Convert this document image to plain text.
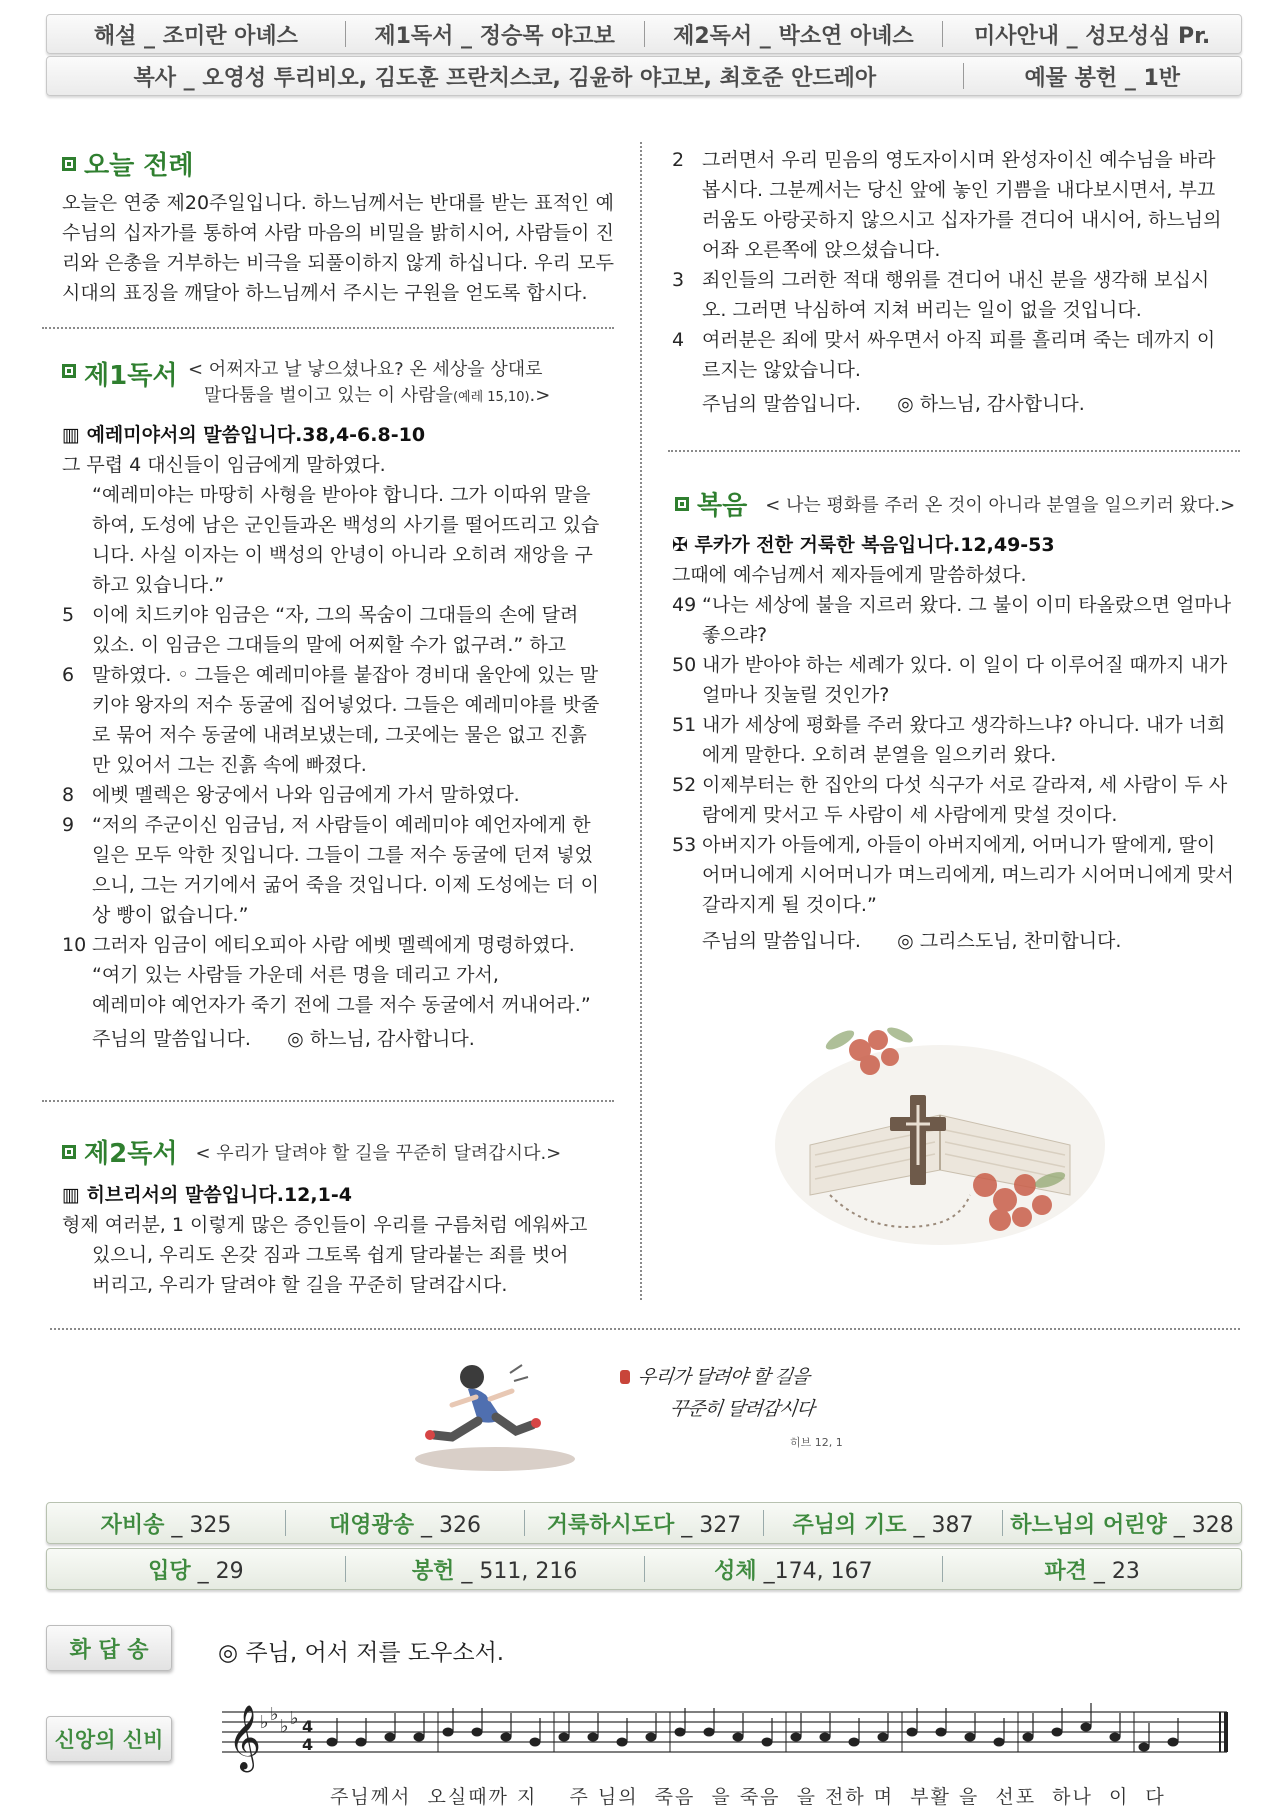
해설 _ 조미란 아녜스	제1독서 _ 정승목 야고보	제2독서 _ 박소연 아녜스	미사안내 _ 성모성심 Pr.
복사 _ 오영성 투리비오, 김도훈 프란치스코, 김윤하 야고보, 최호준 안드레아	예물 봉헌 _ 1반
오늘 전례
오늘은 연중 제20주일입니다. 하느님께서는 반대를 받는 표적인 예수님의 십자가를 통하여 사람 마음의 비밀을 밝히시어, 사람들이 진리와 은총을 거부하는 비극을 되풀이하지 않게 하십니다. 우리 모두 시대의 표징을 깨달아 하느님께서 주시는 구원을 얻도록 합시다.
제1독서 < 어쩌자고 날 낳으셨나요? 온 세상을 상대로
말다툼을 벌이고 있는 이 사람을(예레 15,10).>

▥ 예레미야서의 말씀입니다.38,4-6.8-10

그 무렵 4 대신들이 임금에게 말하였다.

“예레미야는 마땅히 사형을 받아야 합니다. 그가 이따위 말을 하여, 도성에 남은 군인들과온 백성의 사기를 떨어뜨리고 있습니다. 사실 이자는 이 백성의 안녕이 아니라 오히려 재앙을 구하고 있습니다.”

5 이에 치드키야 임금은 “자, 그의 목숨이 그대들의 손에 달려 있소. 이 임금은 그대들의 말에 어찌할 수가 없구려.” 하고
6 말하였다. ◦ 그들은 예레미야를 붙잡아 경비대 울안에 있는 말키야 왕자의 저수 동굴에 집어넣었다. 그들은 예레미야를 밧줄로 묶어 저수 동굴에 내려보냈는데, 그곳에는 물은 없고 진흙만 있어서 그는 진흙 속에 빠졌다.
8 에벳 멜렉은 왕궁에서 나와 임금에게 가서 말하였다.
9 “저의 주군이신 임금님, 저 사람들이 예레미야 예언자에게 한 일은 모두 악한 짓입니다. 그들이 그를 저수 동굴에 던져 넣었으니, 그는 거기에서 굶어 죽을 것입니다. 이제 도성에는 더 이상 빵이 없습니다.”
10 그러자 임금이 에티오피아 사람 에벳 멜렉에게 명령하였다.

“여기 있는 사람들 가운데 서른 명을 데리고 가서,

예레미야 예언자가 죽기 전에 그를 저수 동굴에서 꺼내어라.”

주님의 말씀입니다. ◎ 하느님, 감사합니다.

제2독서 < 우리가 달려야 할 길을 꾸준히 달려갑시다.>

▥ 히브리서의 말씀입니다.12,1-4

형제 여러분, 1 이렇게 많은 증인들이 우리를 구름처럼 에워싸고

있으니, 우리도 온갖 짐과 그토록 쉽게 달라붙는 죄를 벗어

버리고, 우리가 달려야 할 길을 꾸준히 달려갑시다.

2 그러면서 우리 믿음의 영도자이시며 완성자이신 예수님을 바라봅시다. 그분께서는 당신 앞에 놓인 기쁨을 내다보시면서, 부끄러움도 아랑곳하지 않으시고 십자가를 견디어 내시어, 하느님의 어좌 오른쪽에 앉으셨습니다.
3 죄인들의 그러한 적대 행위를 견디어 내신 분을 생각해 보십시오. 그러면 낙심하여 지쳐 버리는 일이 없을 것입니다.
4 여러분은 죄에 맞서 싸우면서 아직 피를 흘리며 죽는 데까지 이르지는 않았습니다.

주님의 말씀입니다. ◎ 하느님, 감사합니다.

복음 < 나는 평화를 주러 온 것이 아니라 분열을 일으키러 왔다.>

✠ 루카가 전한 거룩한 복음입니다.12,49-53

그때에 예수님께서 제자들에게 말씀하셨다.

49 “나는 세상에 불을 지르러 왔다. 그 불이 이미 타올랐으면 얼마나 좋으랴?
50 내가 받아야 하는 세례가 있다. 이 일이 다 이루어질 때까지 내가 얼마나 짓눌릴 것인가?
51 내가 세상에 평화를 주러 왔다고 생각하느냐? 아니다. 내가 너희에게 말한다. 오히려 분열을 일으키러 왔다.
52 이제부터는 한 집안의 다섯 식구가 서로 갈라져, 세 사람이 두 사람에게 맞서고 두 사람이 세 사람에게 맞설 것이다.
53 아버지가 아들에게, 아들이 아버지에게, 어머니가 딸에게, 딸이 어머니에게 시어머니가 며느리에게, 며느리가 시어머니에게 맞서 갈라지게 될 것이다.”

주님의 말씀입니다. ◎ 그리스도님, 찬미합니다.

우리가 달려야 할 길을
꾸준히 달려갑시다
히브 12, 1
자비송 _ 325	대영광송 _ 326	거룩하시도다 _ 327	주님의 기도 _ 387	하느님의 어린양 _ 328
입당 _ 29	봉헌 _ 511, 216	성체 _174, 167	파견 _ 23
화 답 송	◎ 주님, 어서 저를 도우소서.
신앙의 신비 𝄞
♭ ♭
♭ ♭ 4
4
주님께서  오실때까 지    주 님의  죽음  을 죽음  을 전하 며  부활 을  선포  하나  이  다
